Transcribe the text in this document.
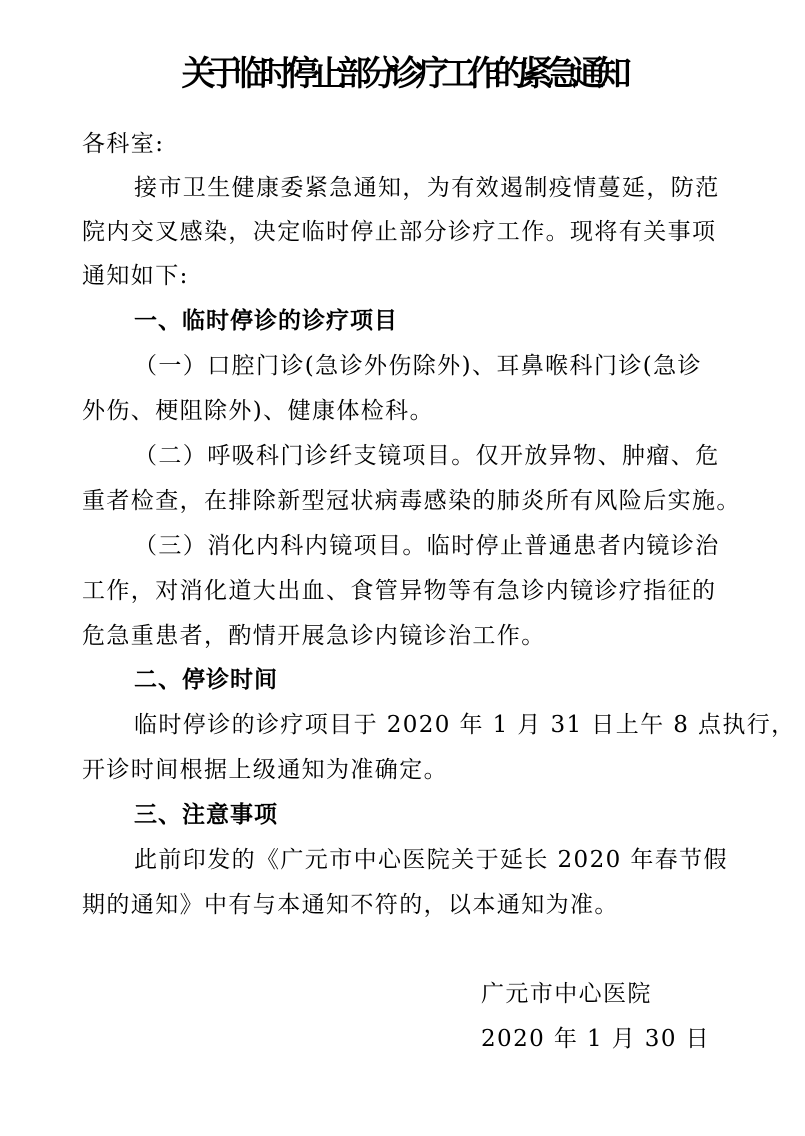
关于临时停止部分诊疗工作的紧急通知
各科室:
接市卫生健康委紧急通知，为有效遏制疫情蔓延，防范
院内交叉感染，决定临时停止部分诊疗工作。现将有关事项
通知如下:
一、临时停诊的诊疗项目
（一）口腔门诊(急诊外伤除外)、耳鼻喉科门诊(急诊
外伤、梗阻除外)、健康体检科。
（二）呼吸科门诊纤支镜项目。仅开放异物、肿瘤、危
重者检查，在排除新型冠状病毒感染的肺炎所有风险后实施。
（三）消化内科内镜项目。临时停止普通患者内镜诊治
工作，对消化道大出血、食管异物等有急诊内镜诊疗指征的
危急重患者，酌情开展急诊内镜诊治工作。
二、停诊时间
临时停诊的诊疗项目于 2020 年 1 月 31 日上午 8 点执行，
开诊时间根据上级通知为准确定。
三、注意事项
此前印发的《广元市中心医院关于延长 2020 年春节假
期的通知》中有与本通知不符的，以本通知为准。
广元市中心医院
2020 年 1 月 30 日
